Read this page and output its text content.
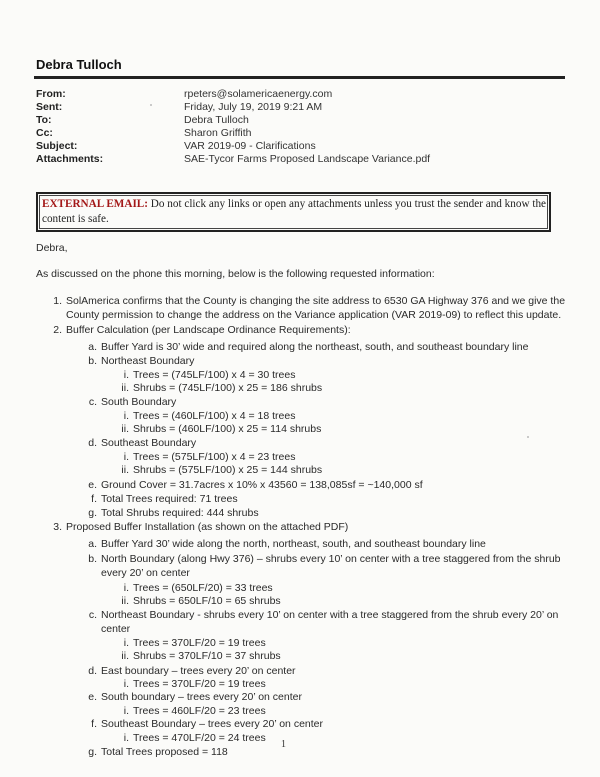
Debra Tulloch
From:	rpeters@solamericaenergy.com
Sent:	Friday, July 19, 2019 9:21 AM
To:	Debra Tulloch
Cc:	Sharon Griffith
Subject:	VAR 2019-09 - Clarifications
Attachments:	SAE-Tycor Farms Proposed Landscape Variance.pdf
EXTERNAL EMAIL: Do not click any links or open any attachments unless you trust the sender and know the content is safe.
Debra,
As discussed on the phone this morning, below is the following requested information:
1. SolAmerica confirms that the County is changing the site address to 6530 GA Highway 376 and we give the
County permission to change the address on the Variance application (VAR 2019-09) to reflect this update.
2. Buffer Calculation (per Landscape Ordinance Requirements):
a. Buffer Yard is 30’ wide and required along the northeast, south, and southeast boundary line
b. Northeast Boundary
i. Trees = (745LF/100) x 4 = 30 trees
ii. Shrubs = (745LF/100) x 25 = 186 shrubs
c. South Boundary
i. Trees = (460LF/100) x 4 = 18 trees
ii. Shrubs = (460LF/100) x 25 = 114 shrubs
d. Southeast Boundary
i. Trees = (575LF/100) x 4 = 23 trees
ii. Shrubs = (575LF/100) x 25 = 144 shrubs
e. Ground Cover = 31.7acres x 10% x 43560 = 138,085sf = ~140,000 sf
f. Total Trees required: 71 trees
g. Total Shrubs required: 444 shrubs
3. Proposed Buffer Installation (as shown on the attached PDF)
a. Buffer Yard 30’ wide along the north, northeast, south, and southeast boundary line
b. North Boundary (along Hwy 376) – shrubs every 10’ on center with a tree staggered from the shrub
every 20’ on center
i. Trees = (650LF/20) = 33 trees
ii. Shrubs = 650LF/10 = 65 shrubs
c. Northeast Boundary - shrubs every 10’ on center with a tree staggered from the shrub every 20’ on
center
i. Trees = 370LF/20 = 19 trees
ii. Shrubs = 370LF/10 = 37 shrubs
d. East boundary – trees every 20’ on center
i. Trees = 370LF/20 = 19 trees
e. South boundary – trees every 20’ on center
i. Trees = 460LF/20 = 23 trees
f. Southeast Boundary – trees every 20’ on center
i. Trees = 470LF/20 = 24 trees
g. Total Trees proposed = 118
1
